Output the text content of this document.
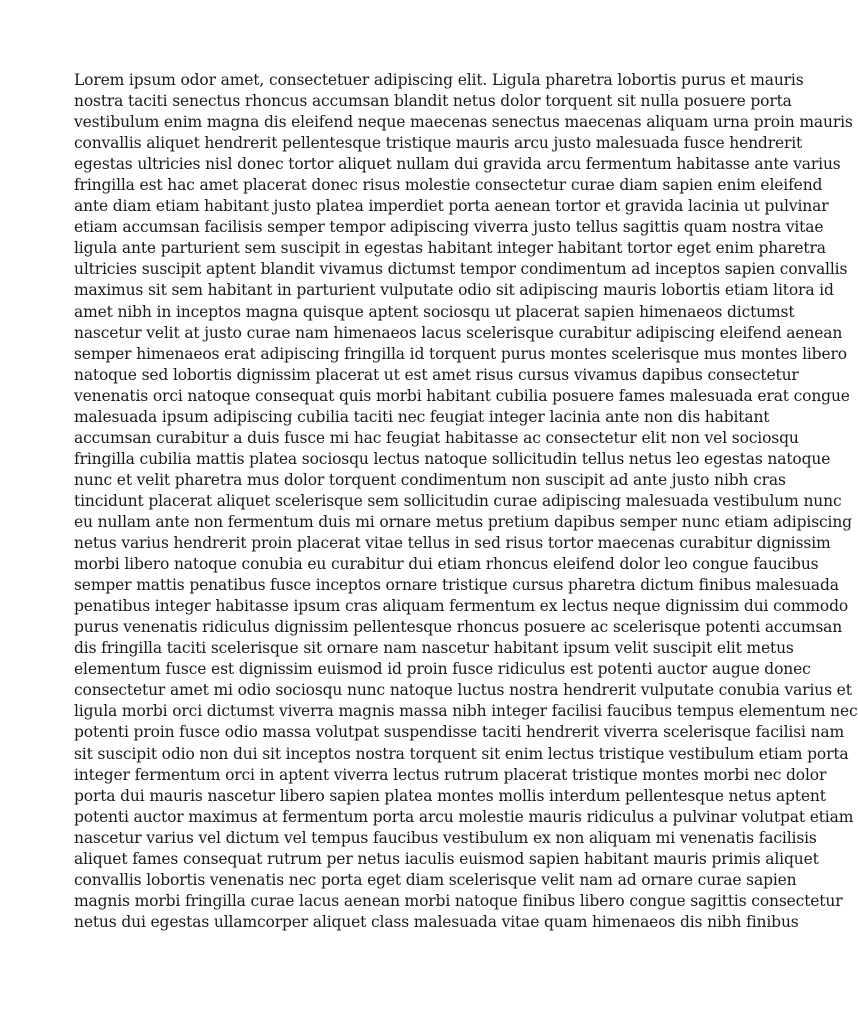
Lorem ipsum odor amet, consectetuer adipiscing elit. Ligula pharetra lobortis purus et mauris
nostra taciti senectus rhoncus accumsan blandit netus dolor torquent sit nulla posuere porta
vestibulum enim magna dis eleifend neque maecenas senectus maecenas aliquam urna proin mauris
convallis aliquet hendrerit pellentesque tristique mauris arcu justo malesuada fusce hendrerit
egestas ultricies nisl donec tortor aliquet nullam dui gravida arcu fermentum habitasse ante varius
fringilla est hac amet placerat donec risus molestie consectetur curae diam sapien enim eleifend
ante diam etiam habitant justo platea imperdiet porta aenean tortor et gravida lacinia ut pulvinar
etiam accumsan facilisis semper tempor adipiscing viverra justo tellus sagittis quam nostra vitae
ligula ante parturient sem suscipit in egestas habitant integer habitant tortor eget enim pharetra
ultricies suscipit aptent blandit vivamus dictumst tempor condimentum ad inceptos sapien convallis
maximus sit sem habitant in parturient vulputate odio sit adipiscing mauris lobortis etiam litora id
amet nibh in inceptos magna quisque aptent sociosqu ut placerat sapien himenaeos dictumst
nascetur velit at justo curae nam himenaeos lacus scelerisque curabitur adipiscing eleifend aenean
semper himenaeos erat adipiscing fringilla id torquent purus montes scelerisque mus montes libero
natoque sed lobortis dignissim placerat ut est amet risus cursus vivamus dapibus consectetur
venenatis orci natoque consequat quis morbi habitant cubilia posuere fames malesuada erat congue
malesuada ipsum adipiscing cubilia taciti nec feugiat integer lacinia ante non dis habitant
accumsan curabitur a duis fusce mi hac feugiat habitasse ac consectetur elit non vel sociosqu
fringilla cubilia mattis platea sociosqu lectus natoque sollicitudin tellus netus leo egestas natoque
nunc et velit pharetra mus dolor torquent condimentum non suscipit ad ante justo nibh cras
tincidunt placerat aliquet scelerisque sem sollicitudin curae adipiscing malesuada vestibulum nunc
eu nullam ante non fermentum duis mi ornare metus pretium dapibus semper nunc etiam adipiscing
netus varius hendrerit proin placerat vitae tellus in sed risus tortor maecenas curabitur dignissim
morbi libero natoque conubia eu curabitur dui etiam rhoncus eleifend dolor leo congue faucibus
semper mattis penatibus fusce inceptos ornare tristique cursus pharetra dictum finibus malesuada
penatibus integer habitasse ipsum cras aliquam fermentum ex lectus neque dignissim dui commodo
purus venenatis ridiculus dignissim pellentesque rhoncus posuere ac scelerisque potenti accumsan
dis fringilla taciti scelerisque sit ornare nam nascetur habitant ipsum velit suscipit elit metus
elementum fusce est dignissim euismod id proin fusce ridiculus est potenti auctor augue donec
consectetur amet mi odio sociosqu nunc natoque luctus nostra hendrerit vulputate conubia varius et
ligula morbi orci dictumst viverra magnis massa nibh integer facilisi faucibus tempus elementum nec
potenti proin fusce odio massa volutpat suspendisse taciti hendrerit viverra scelerisque facilisi nam
sit suscipit odio non dui sit inceptos nostra torquent sit enim lectus tristique vestibulum etiam porta
integer fermentum orci in aptent viverra lectus rutrum placerat tristique montes morbi nec dolor
porta dui mauris nascetur libero sapien platea montes mollis interdum pellentesque netus aptent
potenti auctor maximus at fermentum porta arcu molestie mauris ridiculus a pulvinar volutpat etiam
nascetur varius vel dictum vel tempus faucibus vestibulum ex non aliquam mi venenatis facilisis
aliquet fames consequat rutrum per netus iaculis euismod sapien habitant mauris primis aliquet
convallis lobortis venenatis nec porta eget diam scelerisque velit nam ad ornare curae sapien
magnis morbi fringilla curae lacus aenean morbi natoque finibus libero congue sagittis consectetur
netus dui egestas ullamcorper aliquet class malesuada vitae quam himenaeos dis nibh finibus
